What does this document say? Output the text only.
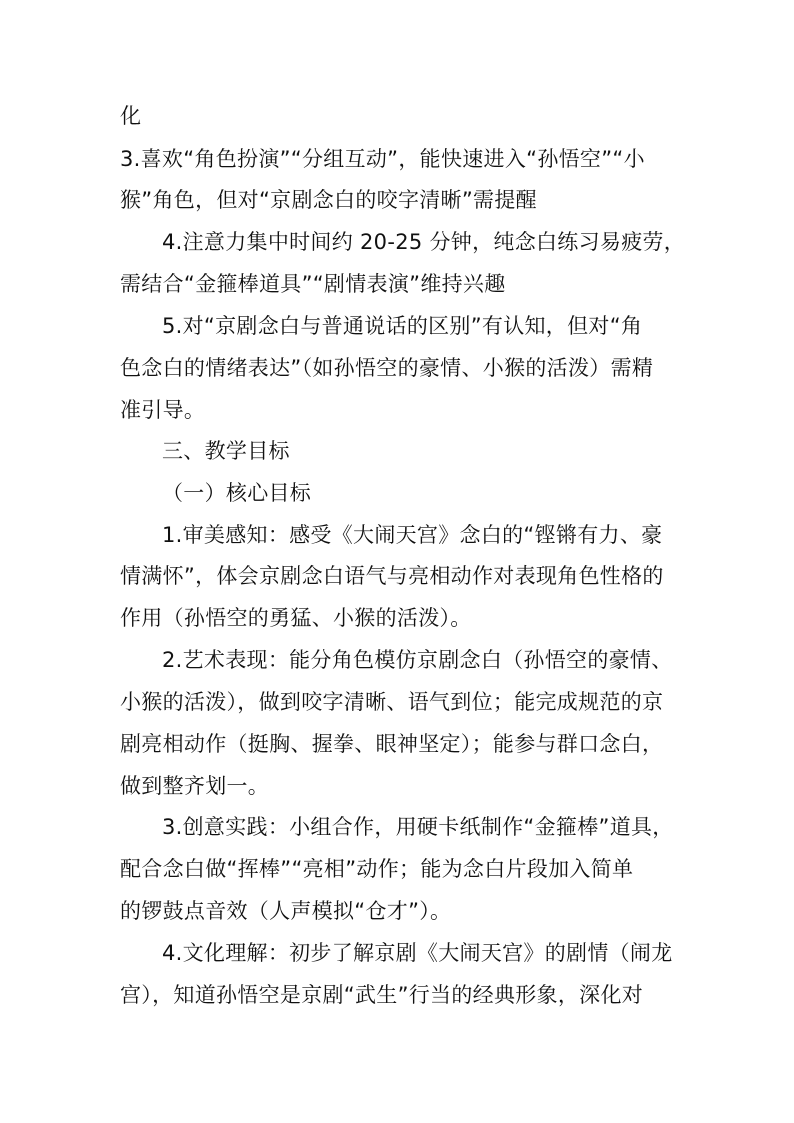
化
3.喜欢“角色扮演”“分组互动”，能快速进入“孙悟空”“小
猴”角色，但对“京剧念白的咬字清晰”需提醒
4.注意力集中时间约 20-25 分钟，纯念白练习易疲劳，
需结合“金箍棒道具”“剧情表演”维持兴趣
5.对“京剧念白与普通说话的区别”有认知，但对“角
色念白的情绪表达”（如孙悟空的豪情、小猴的活泼）需精
准引导。
三、教学目标
（一）核心目标
1.审美感知：感受《大闹天宫》念白的“铿锵有力、豪
情满怀”，体会京剧念白语气与亮相动作对表现角色性格的
作用（孙悟空的勇猛、小猴的活泼）。
2.艺术表现：能分角色模仿京剧念白（孙悟空的豪情、
小猴的活泼），做到咬字清晰、语气到位；能完成规范的京
剧亮相动作（挺胸、握拳、眼神坚定）；能参与群口念白，
做到整齐划一。
3.创意实践：小组合作，用硬卡纸制作“金箍棒”道具，
配合念白做“挥棒”“亮相”动作；能为念白片段加入简单
的锣鼓点音效（人声模拟“仓才”）。
4.文化理解：初步了解京剧《大闹天宫》的剧情（闹龙
宫），知道孙悟空是京剧“武生”行当的经典形象，深化对
